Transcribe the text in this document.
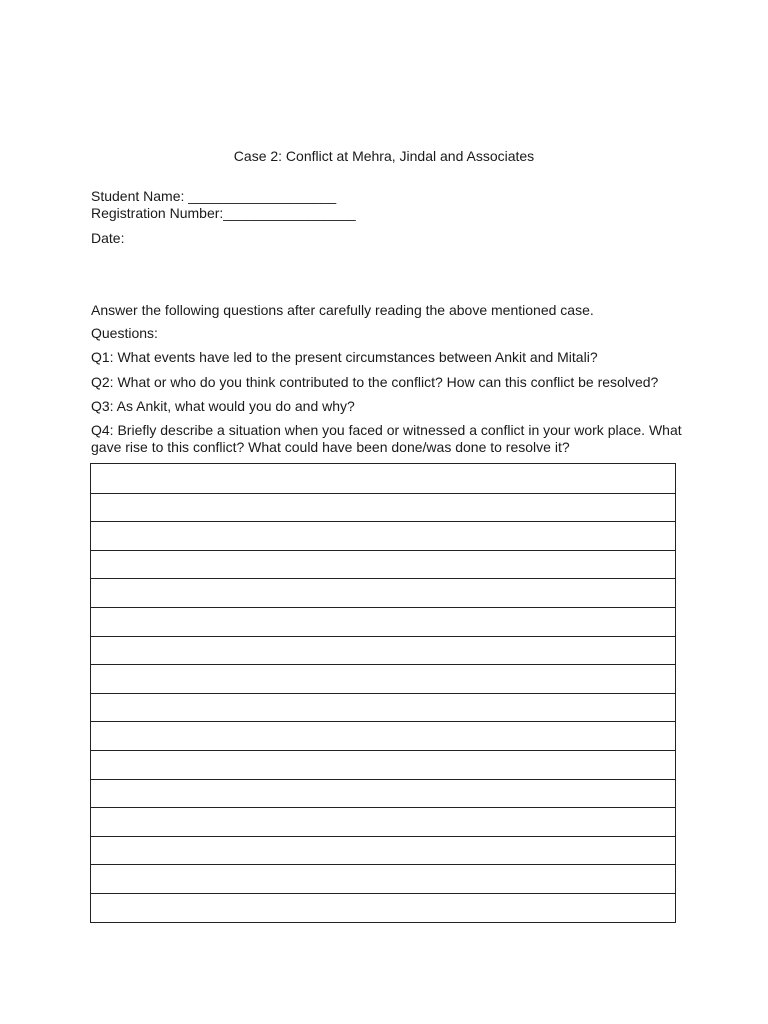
Case 2: Conflict at Mehra, Jindal and Associates
Student Name: ___________________
Registration Number:_________________
Date:
Answer the following questions after carefully reading the above mentioned case.
Questions:
Q1: What events have led to the present circumstances between Ankit and Mitali?
Q2: What or who do you think contributed to the conflict? How can this conflict be resolved?
Q3: As Ankit, what would you do and why?
Q4: Briefly describe a situation when you faced or witnessed a conflict in your work place. What gave rise to this conflict? What could have been done/was done to resolve it?
